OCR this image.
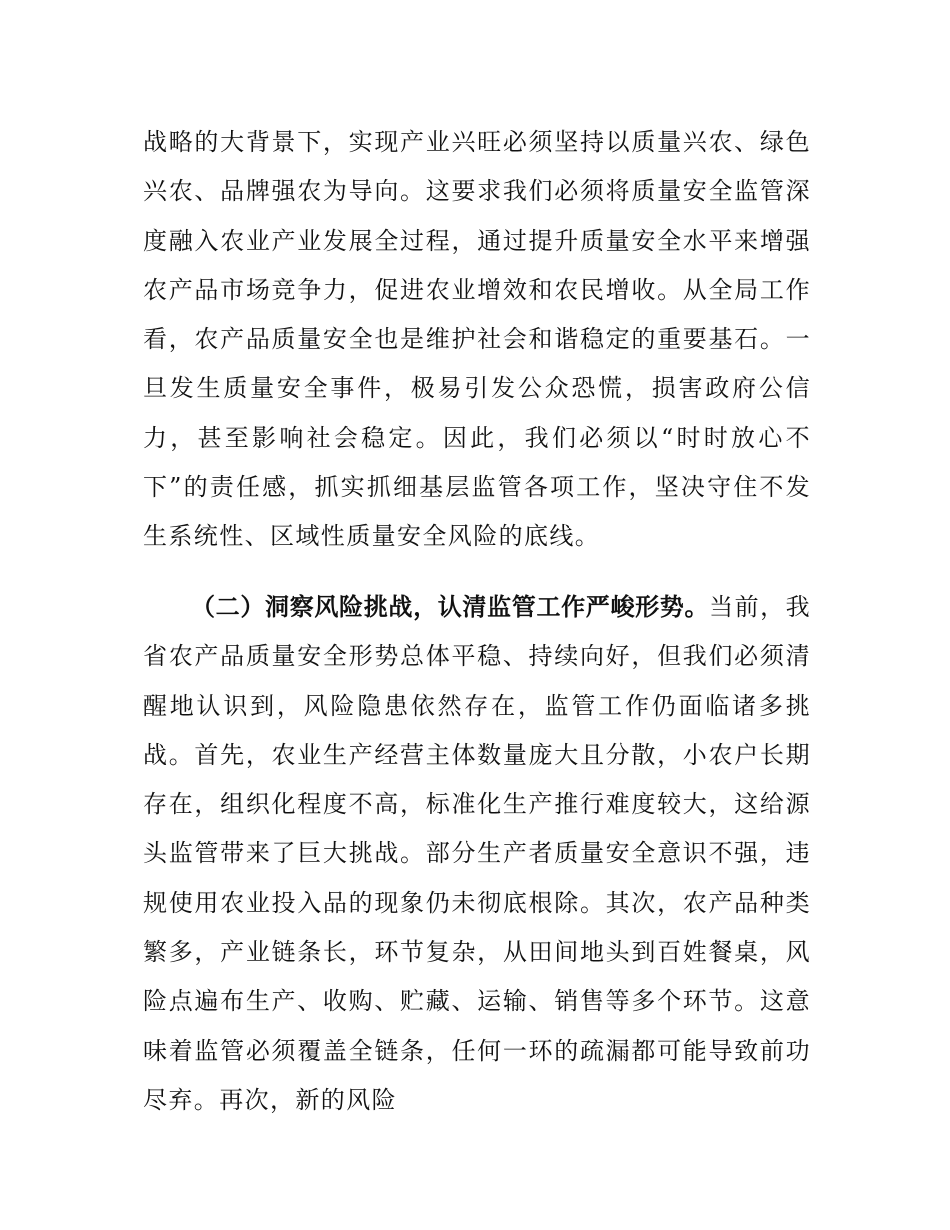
战略的大背景下，实现产业兴旺必须坚持以质量兴农、绿色兴农、品牌强农为导向。这要求我们必须将质量安全监管深度融入农业产业发展全过程，通过提升质量安全水平来增强农产品市场竞争力，促进农业增效和农民增收。从全局工作看，农产品质量安全也是维护社会和谐稳定的重要基石。一旦发生质量安全事件，极易引发公众恐慌，损害政府公信力，甚至影响社会稳定。因此，我们必须以“时时放心不下”的责任感，抓实抓细基层监管各项工作，坚决守住不发生系统性、区域性质量安全风险的底线。

（二）洞察风险挑战，认清监管工作严峻形势。当前，我省农产品质量安全形势总体平稳、持续向好，但我们必须清醒地认识到，风险隐患依然存在，监管工作仍面临诸多挑战。首先，农业生产经营主体数量庞大且分散，小农户长期存在，组织化程度不高，标准化生产推行难度较大，这给源头监管带来了巨大挑战。部分生产者质量安全意识不强，违规使用农业投入品的现象仍未彻底根除。其次，农产品种类繁多，产业链条长，环节复杂，从田间地头到百姓餐桌，风险点遍布生产、收购、贮藏、运输、销售等多个环节。这意味着监管必须覆盖全链条，任何一环的疏漏都可能导致前功尽弃。再次，新的风险
